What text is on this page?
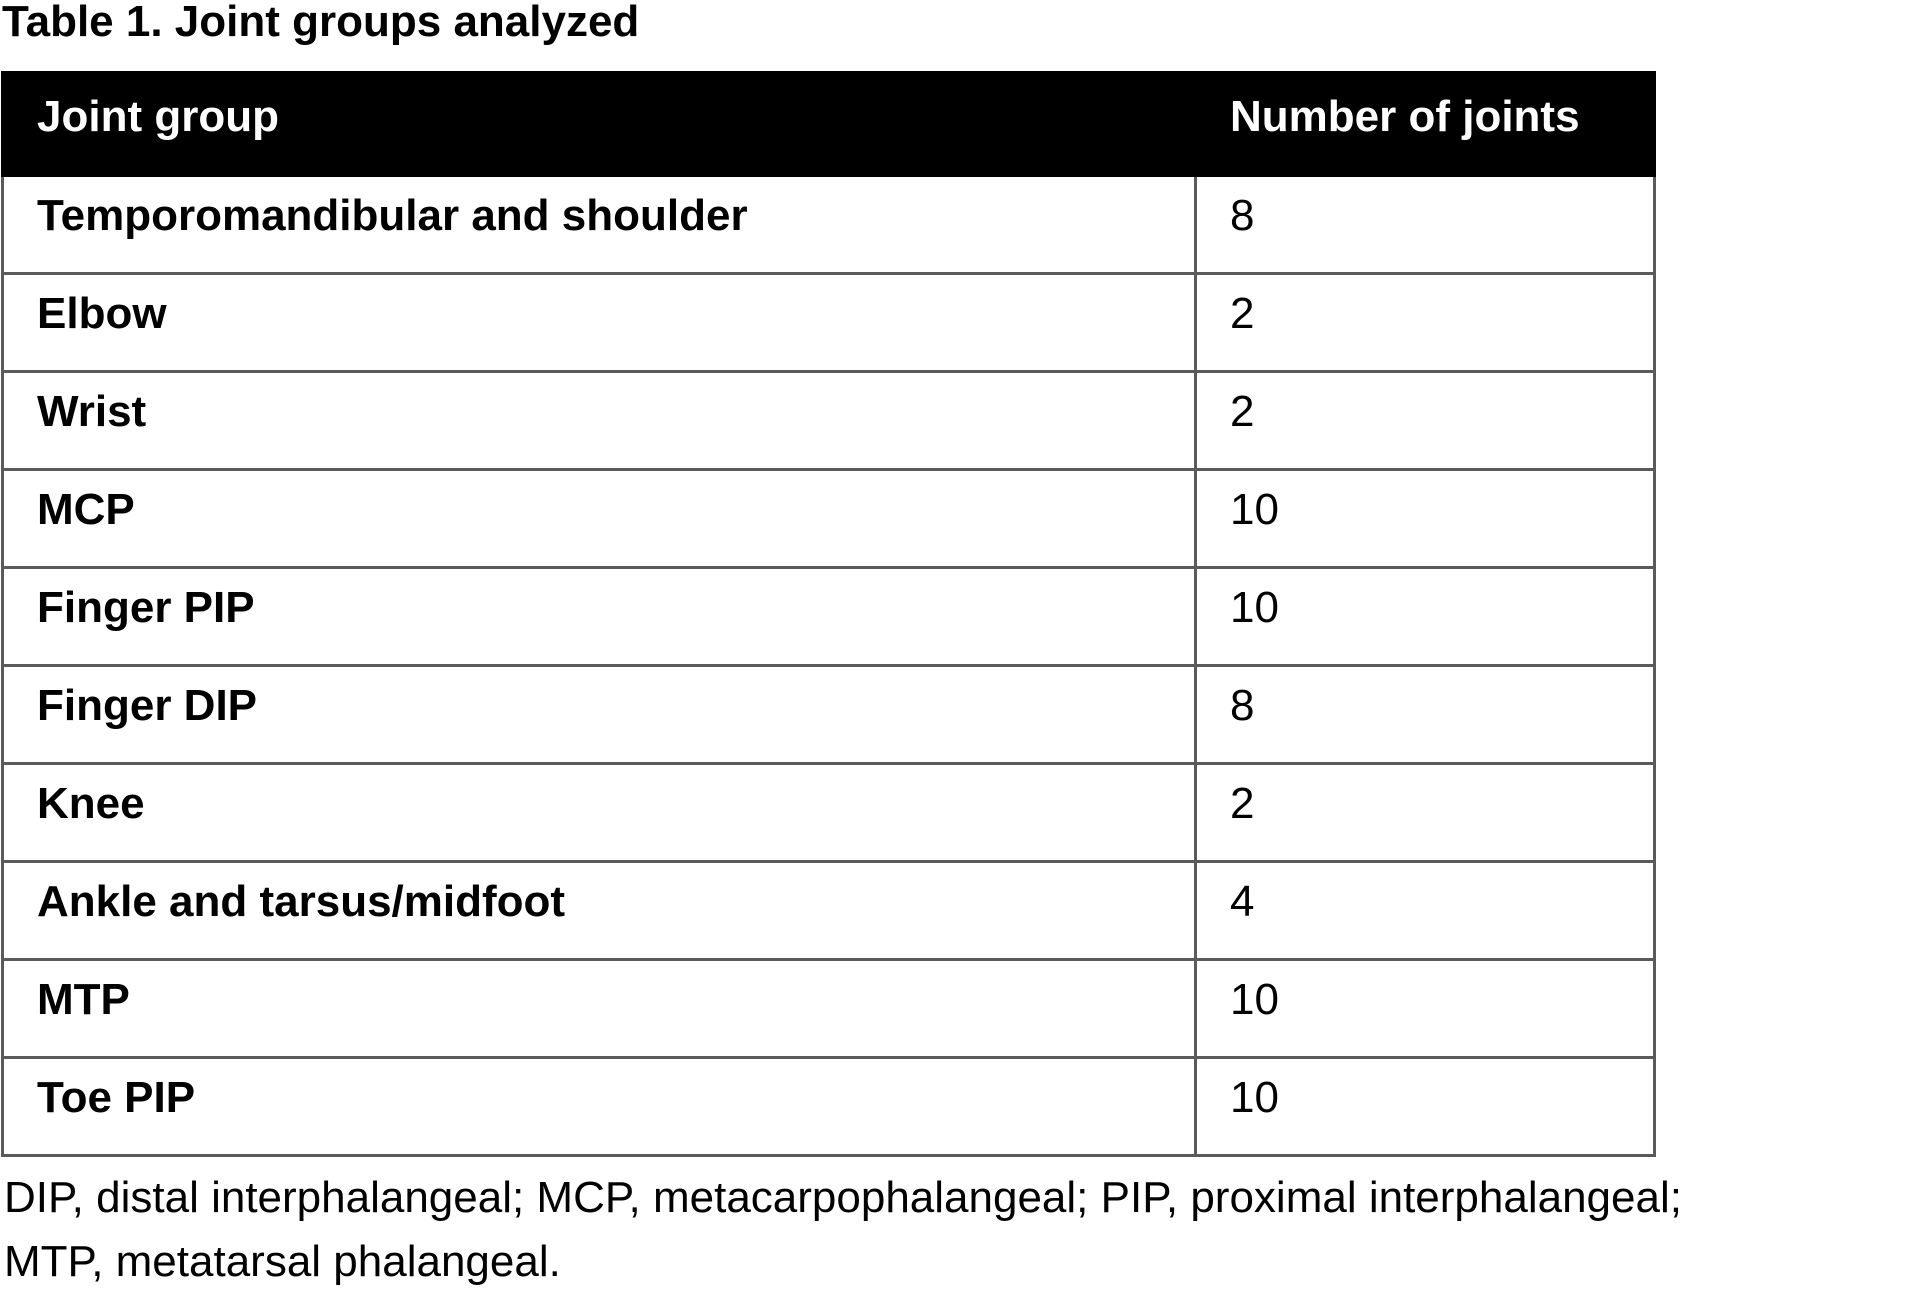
Table 1. Joint groups analyzed
Joint group	Number of joints
Temporomandibular and shoulder	8
Elbow	2
Wrist	2
MCP	10
Finger PIP	10
Finger DIP	8
Knee	2
Ankle and tarsus/midfoot	4
MTP	10
Toe PIP	10
DIP, distal interphalangeal; MCP, metacarpophalangeal; PIP, proximal interphalangeal;
MTP, metatarsal phalangeal.
